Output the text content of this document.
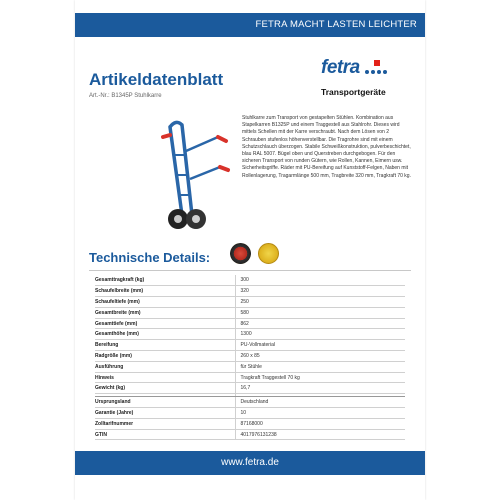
FETRA MACHT LASTEN LEICHTER
Artikeldatenblatt
Art.-Nr.: B1345P Stuhlkarre
fetra
Transportgeräte
Stuhlkarre zum Transport von gestapelten Stühlen. Kombination aus Stapelkarren B1325P und einem Traggestell aus Stahlrohr. Dieses wird mittels Schellen mit der Karre verschraubt. Nach dem Lösen von 2 Schrauben stufenlos höhenverstellbar. Die Tragrohre sind mit einem Schutzschlauch überzogen. Stabile Schweißkonstruktion, pulverbeschichtet, blau RAL 5007. Bügel oben und Querstreben durchgebogen. Für den sicheren Transport von runden Gütern, wie Rollen, Kannen, Eimern usw. Sicherheitsgriffe. Räder mit PU-Bereifung auf Kunststoff-Felgen, Naben mit Rollenlagerung, Tragarmlänge 500 mm, Tragbreite 320 mm, Tragkraft 70 kg.
Technische Details:
Gesamttragkraft (kg)	300
Schaufelbreite (mm)	320
Schaufeltiefe (mm)	250
Gesamtbreite (mm)	580
Gesamttiefe (mm)	862
Gesamthöhe (mm)	1300
Bereifung	PU-Vollmaterial
Radgröße (mm)	260 x 85
Ausführung	für Stühle
Hinweis	Tragkraft Traggestell 70 kg
Gewicht (kg)	16,7

Ursprungsland	Deutschland
Garantie (Jahre)	10
Zolltarifnummer	87168000
GTIN	4017976131238
www.fetra.de
